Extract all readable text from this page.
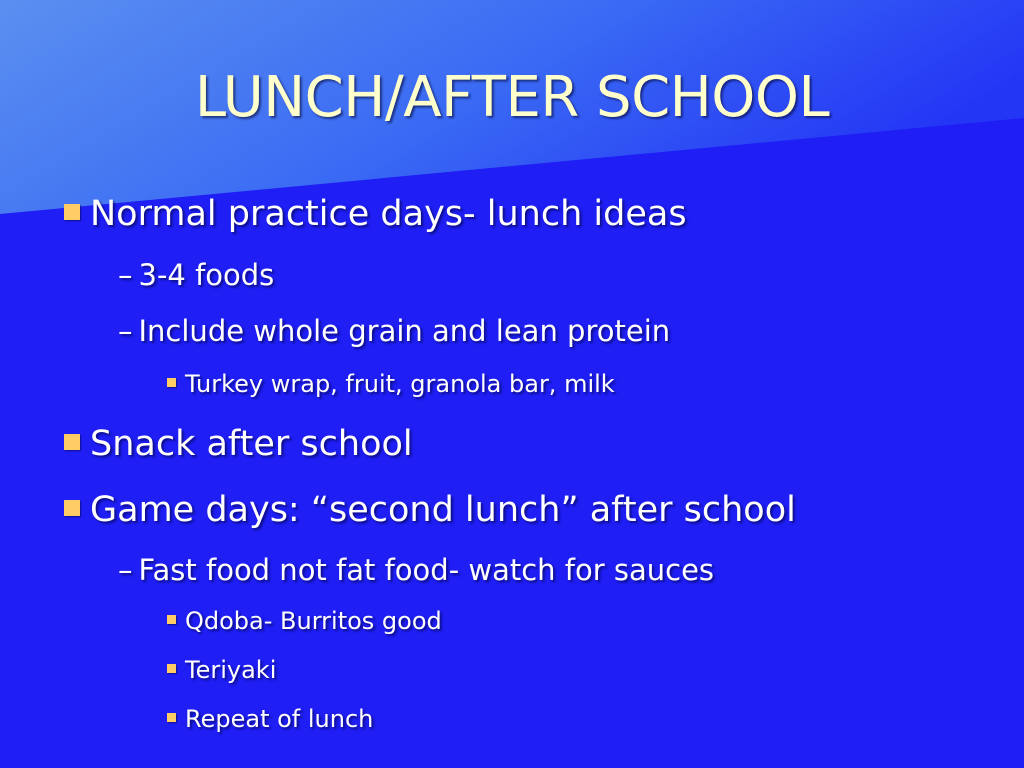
LUNCH/AFTER SCHOOL
Normal practice days- lunch ideas
– 3-4 foods
– Include whole grain and lean protein
Turkey wrap, fruit, granola bar, milk
Snack after school
Game days: “second lunch” after school
– Fast food not fat food- watch for sauces
Qdoba- Burritos good
Teriyaki
Repeat of lunch
